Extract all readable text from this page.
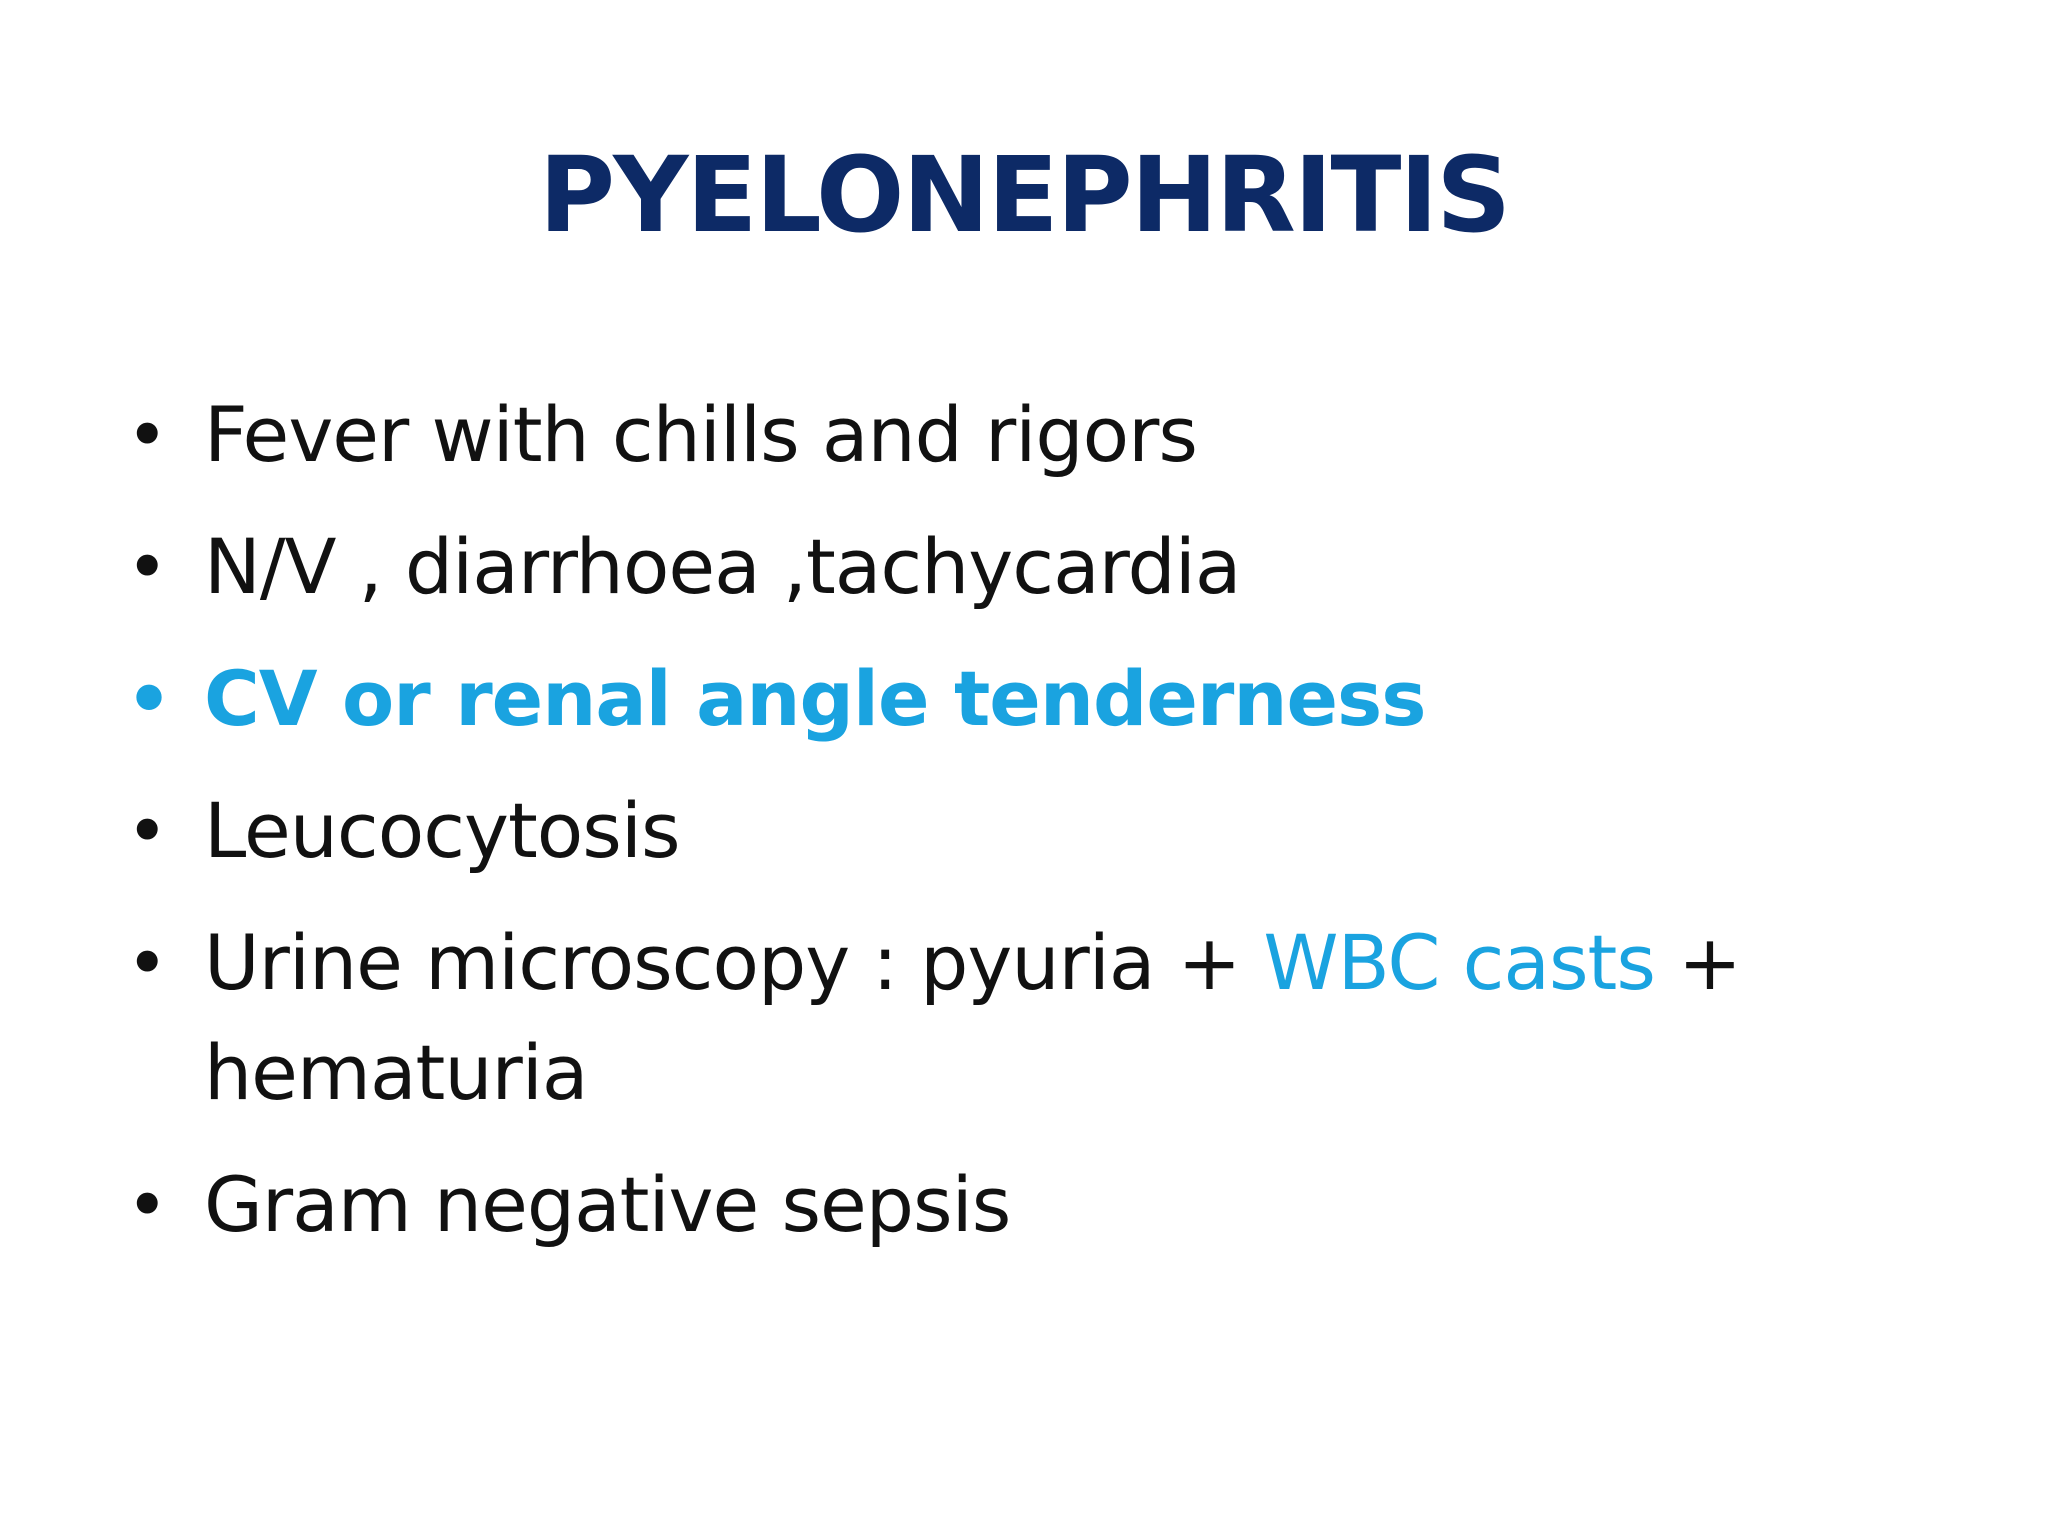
PYELONEPHRITIS
• Fever with chills and rigors
• N/V , diarrhoea ,tachycardia
• CV or renal angle tenderness
• Leucocytosis
• Urine microscopy : pyuria + WBC casts + hematuria
• Gram negative sepsis
